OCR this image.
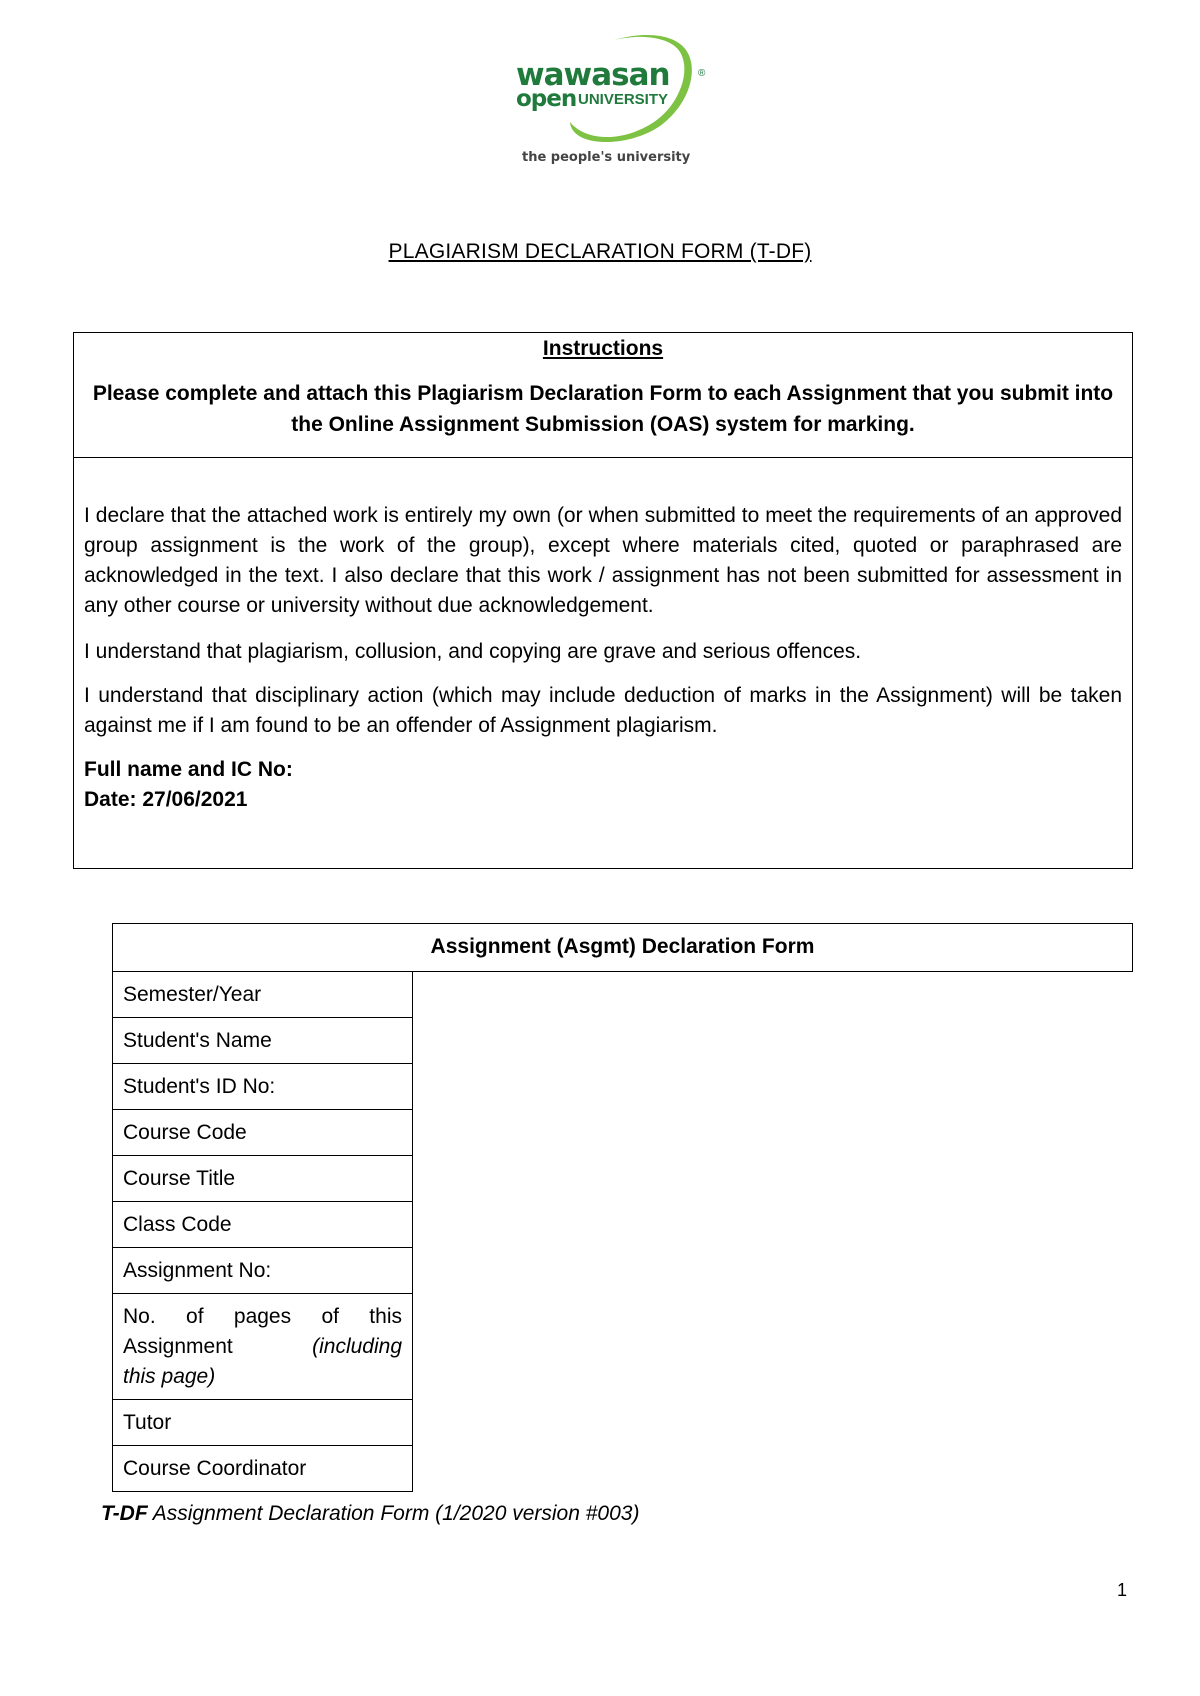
wawasan	®
open UNIVERSITY
the people's university
PLAGIARISM DECLARATION FORM (T-DF)
Instructions
Please complete and attach this Plagiarism Declaration Form to each Assignment that you submit into the Online Assignment Submission (OAS) system for marking.

I declare that the attached work is entirely my own (or when submitted to meet the requirements of an approved group assignment is the work of the group), except where materials cited, quoted or paraphrased are acknowledged in the text. I also declare that this work / assignment has not been submitted for assessment in any other course or university without due acknowledgement.

I understand that plagiarism, collusion, and copying are grave and serious offences.

I understand that disciplinary action (which may include deduction of marks in the Assignment) will be taken against me if I am found to be an offender of Assignment plagiarism.

Full name and IC No:

Date: 27/06/2021

Assignment (Asgmt) Declaration Form
Semester/Year
Student's Name
Student's ID No:
Course Code
Course Title
Class Code
Assignment No:
No. of pages of this Assignment	(including
this page)

Tutor
Course Coordinator
T-DF Assignment Declaration Form (1/2020 version #003)
1
